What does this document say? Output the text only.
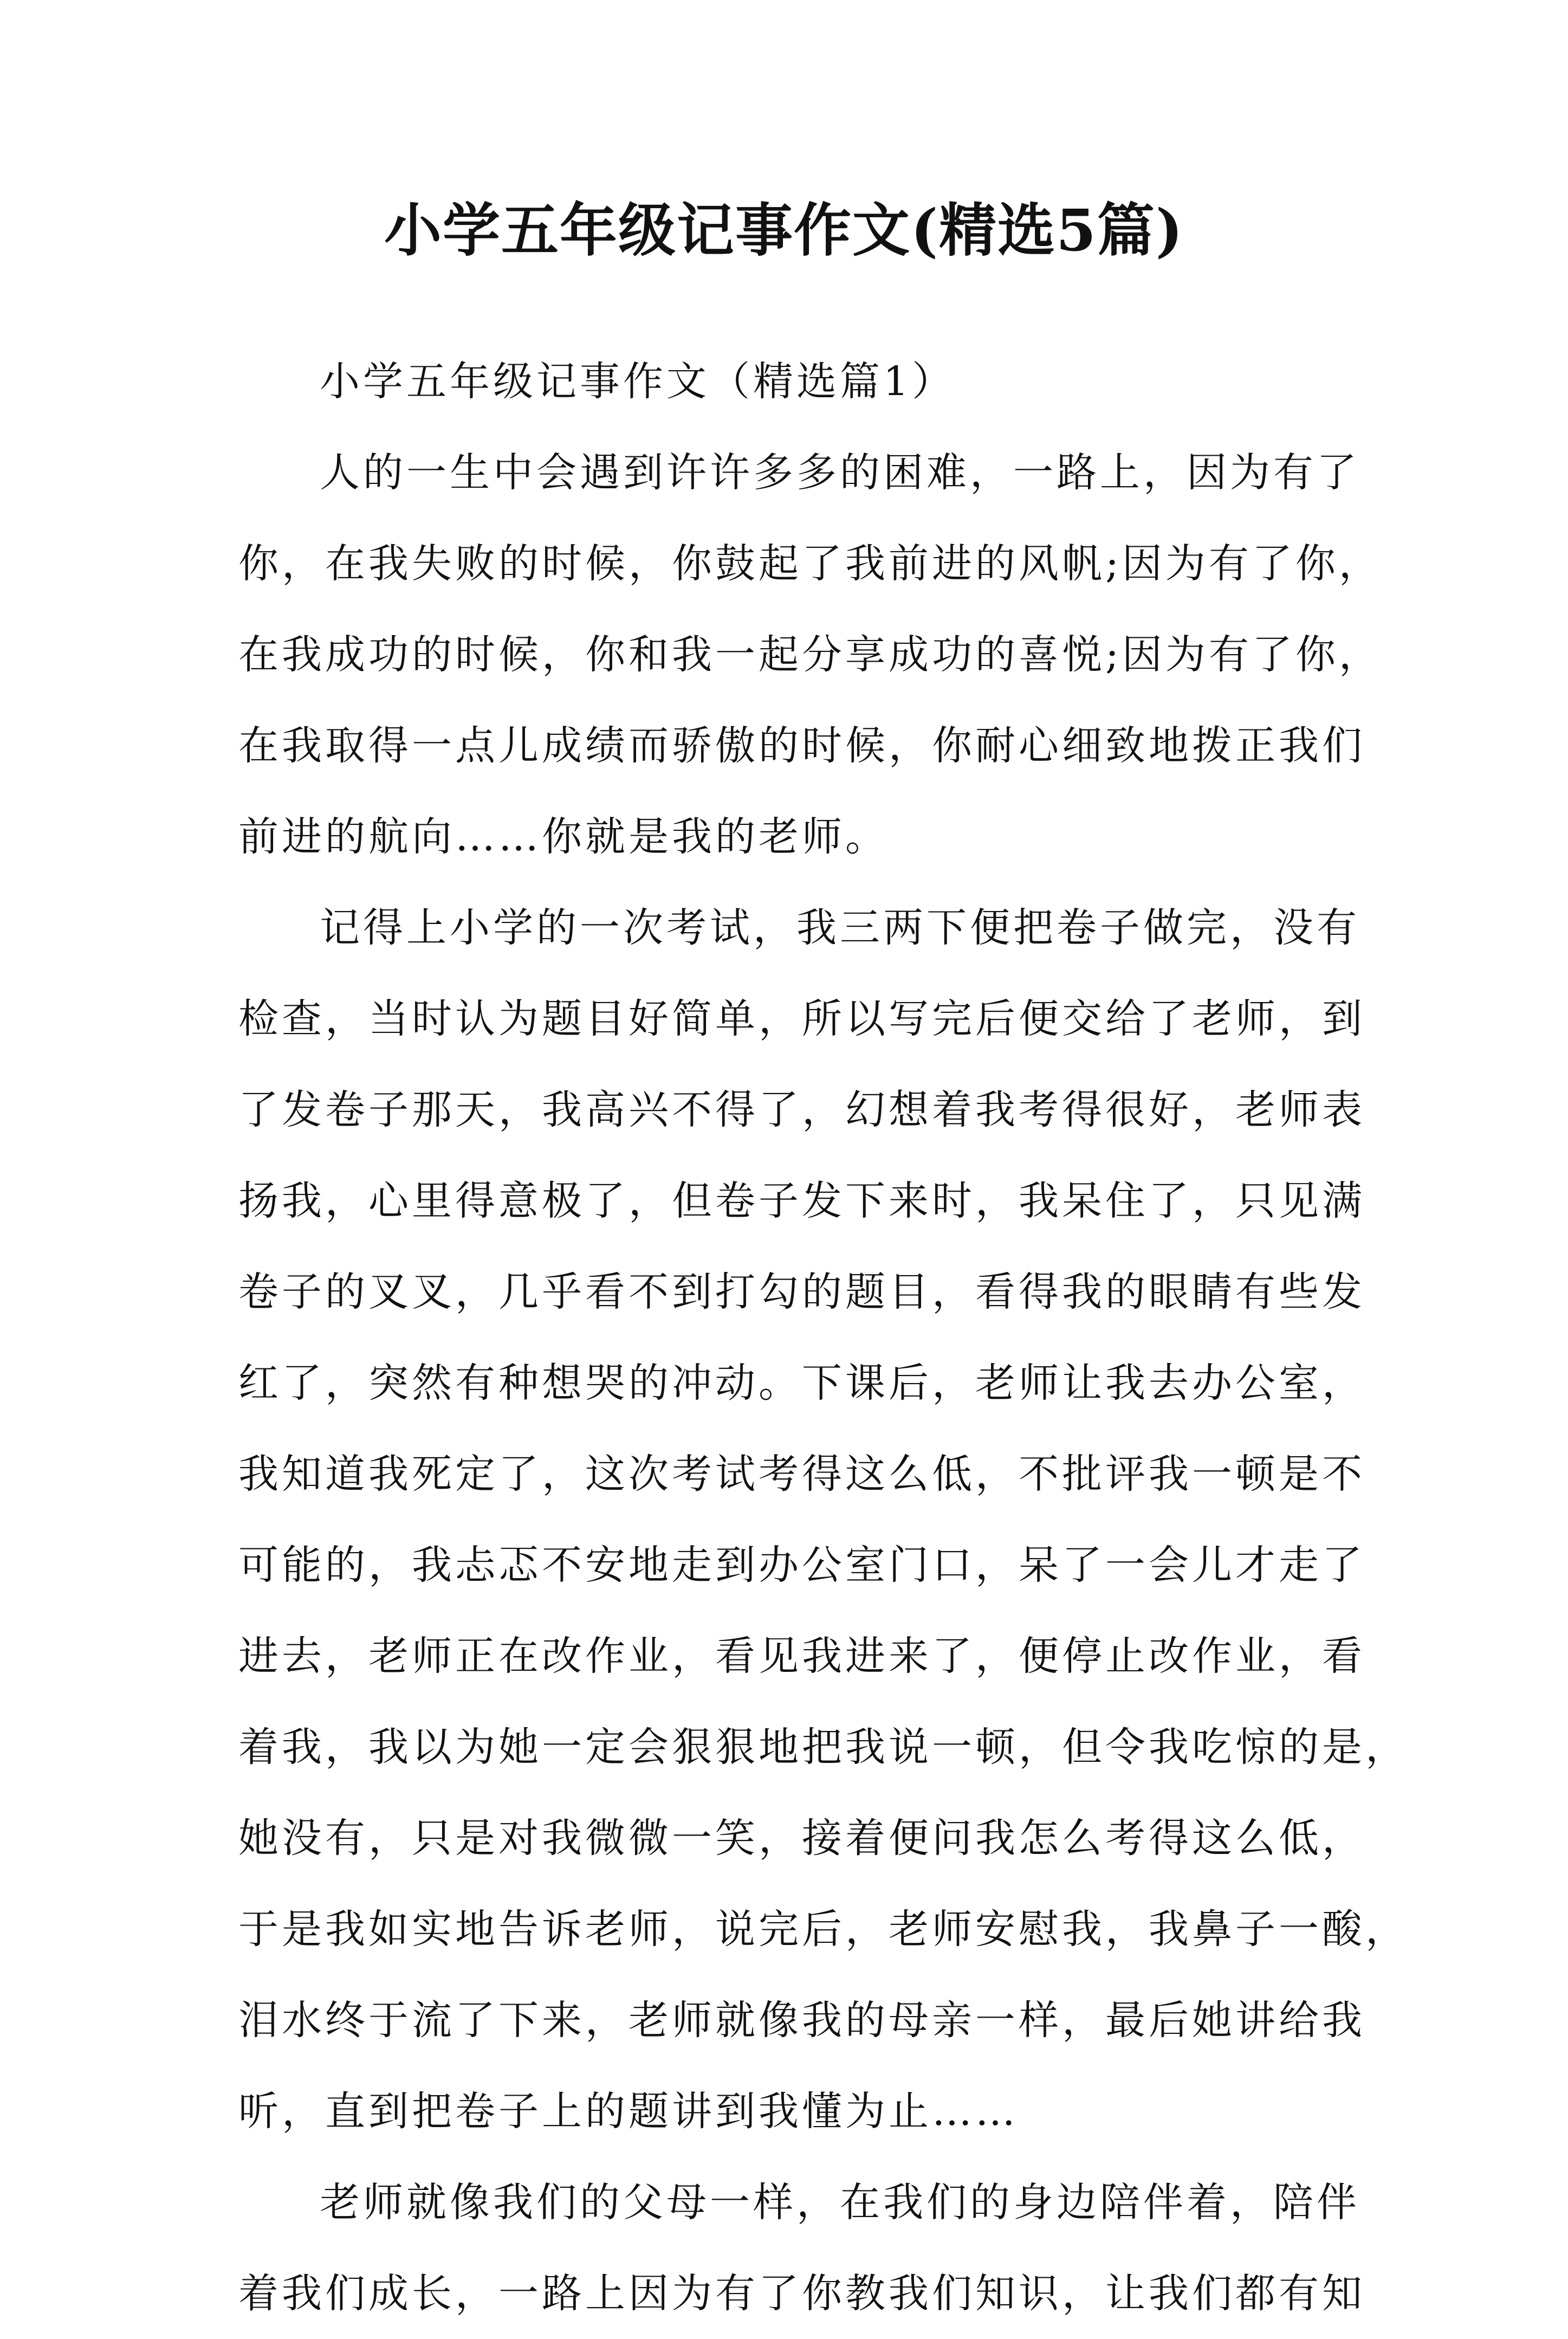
小学五年级记事作文(精选5篇)
小学五年级记事作文（精选篇1）
人的一生中会遇到许许多多的困难，一路上，因为有了
你，在我失败的时候，你鼓起了我前进的风帆;因为有了你，
在我成功的时候，你和我一起分享成功的喜悦;因为有了你，
在我取得一点儿成绩而骄傲的时候，你耐心细致地拨正我们
前进的航向……你就是我的老师。
记得上小学的一次考试，我三两下便把卷子做完，没有
检查，当时认为题目好简单，所以写完后便交给了老师，到
了发卷子那天，我高兴不得了，幻想着我考得很好，老师表
扬我，心里得意极了，但卷子发下来时，我呆住了，只见满
卷子的叉叉，几乎看不到打勾的题目，看得我的眼睛有些发
红了，突然有种想哭的冲动。下课后，老师让我去办公室，
我知道我死定了，这次考试考得这么低，不批评我一顿是不
可能的，我忐忑不安地走到办公室门口，呆了一会儿才走了
进去，老师正在改作业，看见我进来了，便停止改作业，看
着我，我以为她一定会狠狠地把我说一顿，但令我吃惊的是，
她没有，只是对我微微一笑，接着便问我怎么考得这么低，
于是我如实地告诉老师，说完后，老师安慰我，我鼻子一酸，
泪水终于流了下来，老师就像我的母亲一样，最后她讲给我
听，直到把卷子上的题讲到我懂为止……
老师就像我们的父母一样，在我们的身边陪伴着，陪伴
着我们成长，一路上因为有了你教我们知识，让我们都有知
